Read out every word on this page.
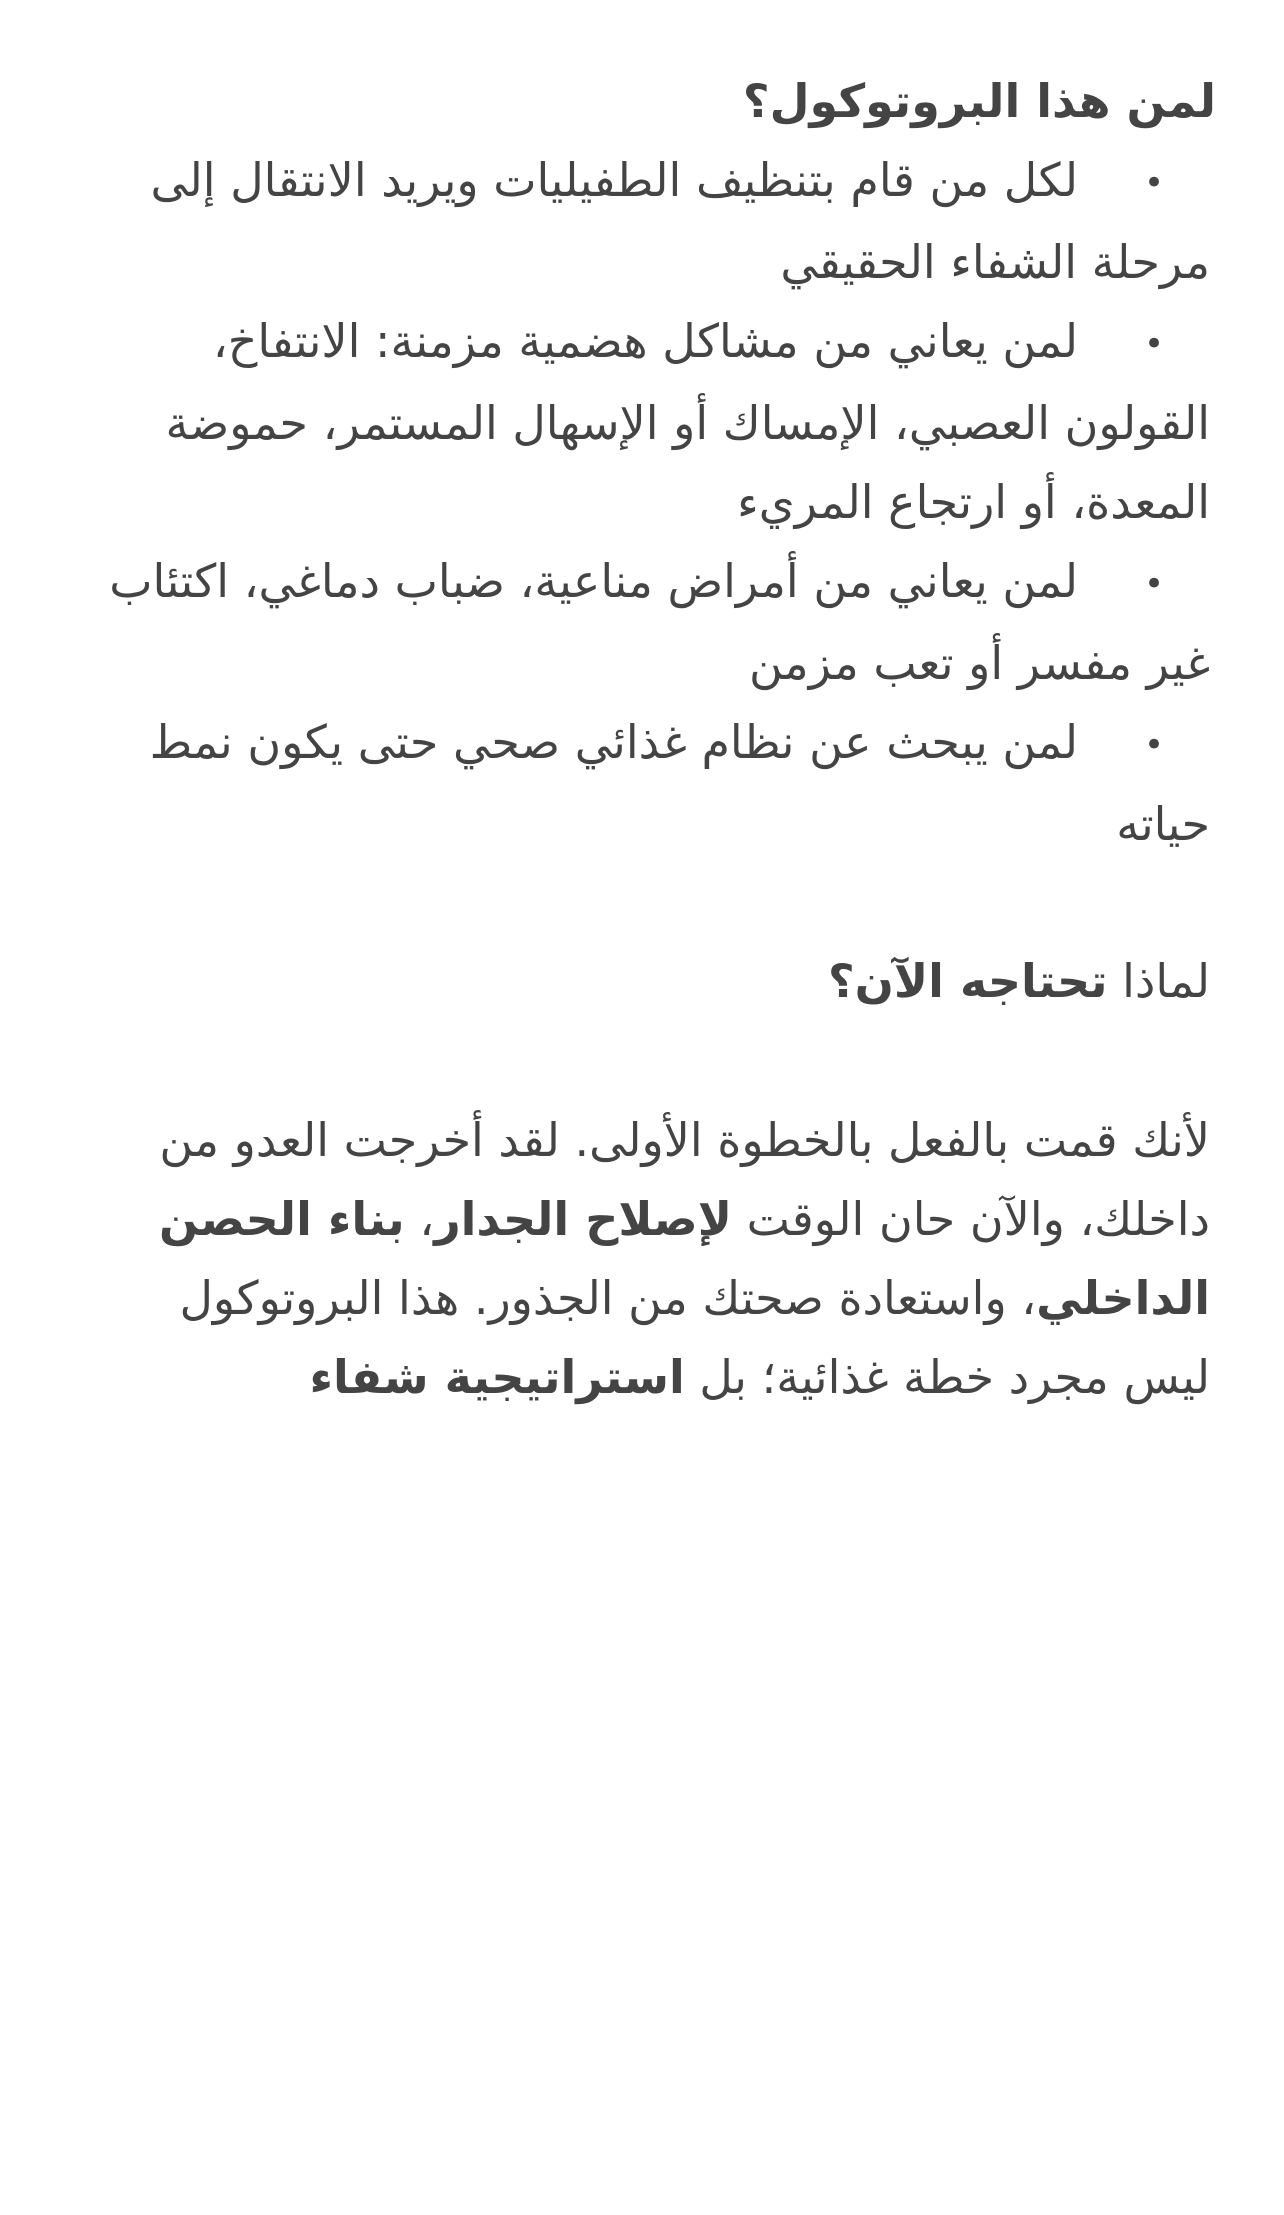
لمن هذا البروتوكول؟
•لكل من قام بتنظيف الطفيليات ويريد الانتقال إلى مرحلة الشفاء الحقيقي
•لمن يعاني من مشاكل هضمية مزمنة: الانتفاخ، القولون العصبي، الإمساك أو الإسهال المستمر، حموضة المعدة، أو ارتجاع المريء
•لمن يعاني من أمراض مناعية، ضباب دماغي، اكتئاب غير مفسر أو تعب مزمن
•لمن يبحث عن نظام غذائي صحي حتى يكون نمط حياته
لماذا تحتاجه الآن؟

لأنك قمت بالفعل بالخطوة الأولى. لقد أخرجت العدو من داخلك، والآن حان الوقت لإصلاح الجدار، بناء الحصن الداخلي، واستعادة صحتك من الجذور. هذا البروتوكول ليس مجرد خطة غذائية؛ بل استراتيجية شفاء
